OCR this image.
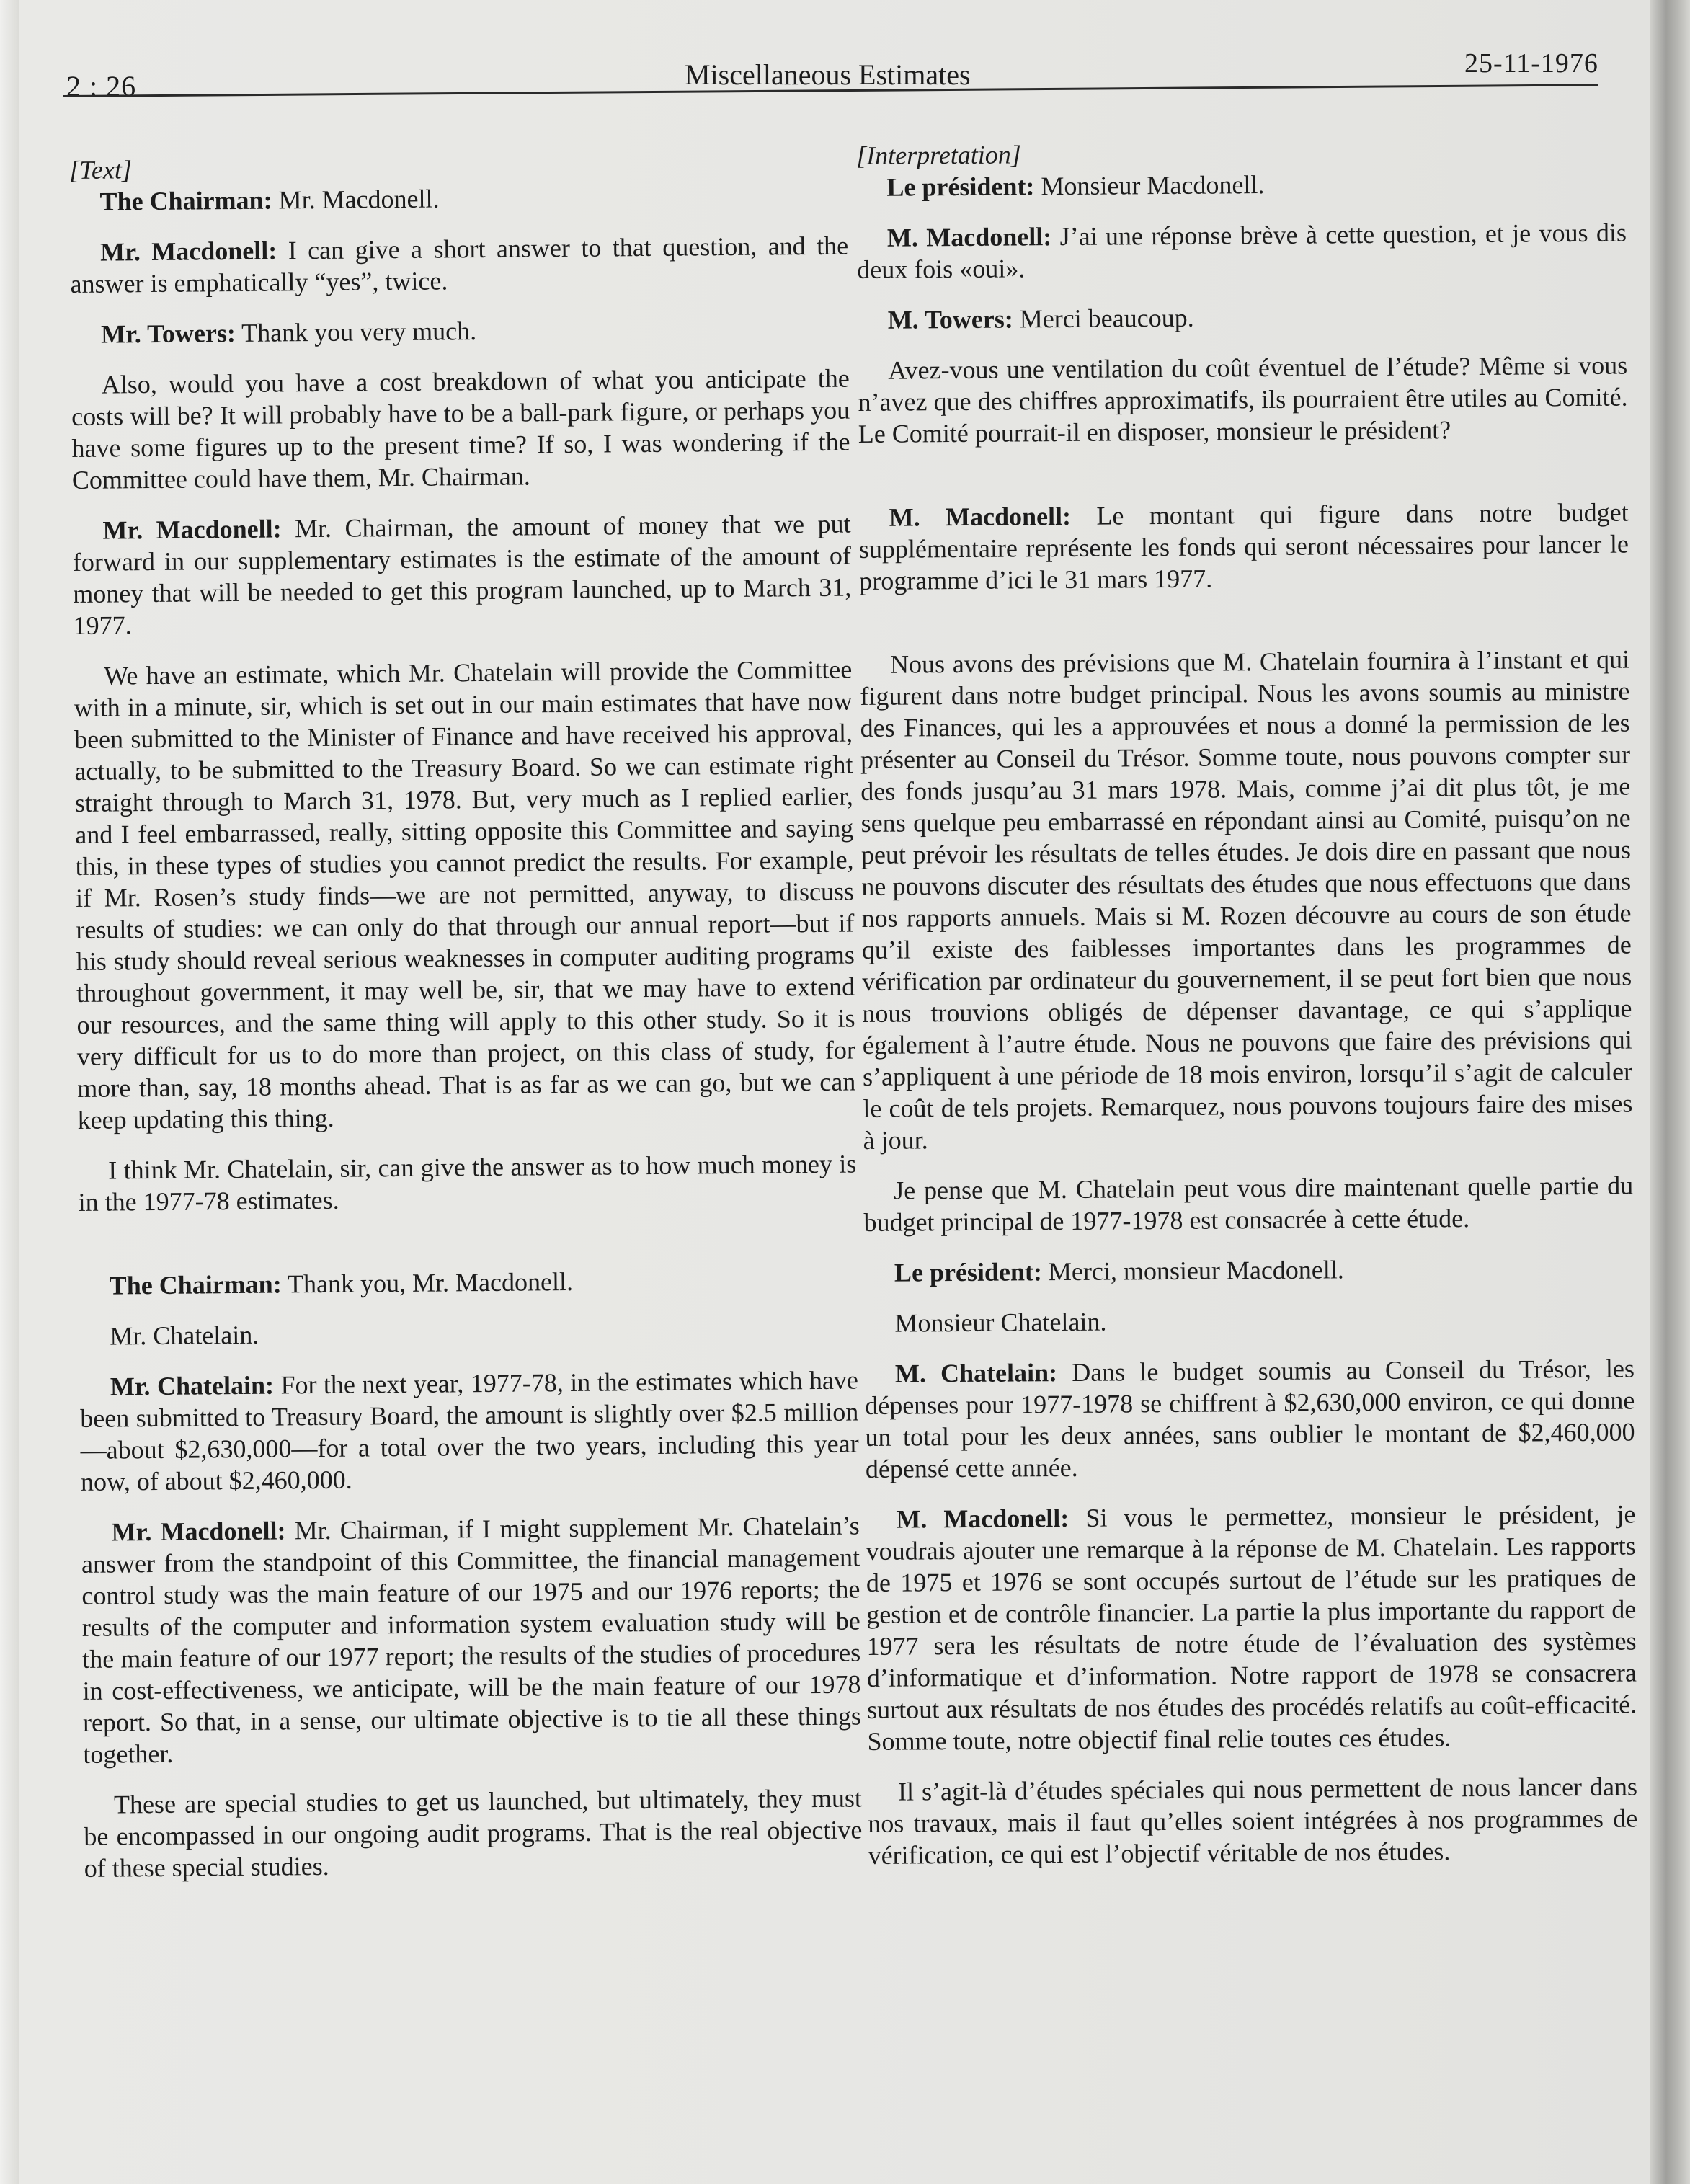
2 : 26	Miscellaneous Estimates	25-11-1976

[Text]

The Chairman: Mr. Macdonell.

Mr. Macdonell: I can give a short answer to that question, and the answer is emphatically “yes”, twice.

Mr. Towers: Thank you very much.

Also, would you have a cost breakdown of what you anticipate the costs will be? It will probably have to be a ball-park figure, or perhaps you have some figures up to the present time? If so, I was wondering if the Committee could have them, Mr. Chairman.

Mr. Macdonell: Mr. Chairman, the amount of money that we put forward in our supplementary estimates is the estimate of the amount of money that will be needed to get this program launched, up to March 31, 1977.

We have an estimate, which Mr. Chatelain will provide the Committee with in a minute, sir, which is set out in our main estimates that have now been submitted to the Minister of Finance and have received his approval, actually, to be submitted to the Treasury Board. So we can estimate right straight through to March 31, 1978. But, very much as I replied earlier, and I feel embarrassed, really, sitting opposite this Committee and saying this, in these types of studies you cannot predict the results. For example, if Mr. Rosen’s study finds—we are not permitted, anyway, to discuss results of studies: we can only do that through our annual report—but if his study should reveal serious weaknesses in computer auditing programs throughout government, it may well be, sir, that we may have to extend our resources, and the same thing will apply to this other study. So it is very difficult for us to do more than project, on this class of study, for more than, say, 18 months ahead. That is as far as we can go, but we can keep updating this thing.

I think Mr. Chatelain, sir, can give the answer as to how much money is in the 1977-78 estimates.

The Chairman: Thank you, Mr. Macdonell.

Mr. Chatelain.

Mr. Chatelain: For the next year, 1977-78, in the estimates which have been submitted to Treasury Board, the amount is slightly over $2.5 million—about $2,630,000—for a total over the two years, including this year now, of about $2,460,000.

Mr. Macdonell: Mr. Chairman, if I might supplement Mr. Chatelain’s answer from the standpoint of this Committee, the financial management control study was the main feature of our 1975 and our 1976 reports; the results of the computer and information system evaluation study will be the main feature of our 1977 report; the results of the studies of procedures in cost-effectiveness, we anticipate, will be the main feature of our 1978 report. So that, in a sense, our ultimate objective is to tie all these things together.

These are special studies to get us launched, but ultimately, they must be encompassed in our ongoing audit programs. That is the real objective of these special studies.

[Interpretation]

Le président: Monsieur Macdonell.

M. Macdonell: J’ai une réponse brève à cette question, et je vous dis deux fois «oui».

M. Towers: Merci beaucoup.

Avez-vous une ventilation du coût éventuel de l’étude? Même si vous n’avez que des chiffres approximatifs, ils pourraient être utiles au Comité. Le Comité pourrait-il en disposer, monsieur le président?

M. Macdonell: Le montant qui figure dans notre budget supplémentaire représente les fonds qui seront nécessaires pour lancer le programme d’ici le 31 mars 1977.

Nous avons des prévisions que M. Chatelain fournira à l’instant et qui figurent dans notre budget principal. Nous les avons soumis au ministre des Finances, qui les a approuvées et nous a donné la permission de les présenter au Conseil du Trésor. Somme toute, nous pouvons compter sur des fonds jusqu’au 31 mars 1978. Mais, comme j’ai dit plus tôt, je me sens quelque peu embarrassé en répondant ainsi au Comité, puisqu’on ne peut prévoir les résultats de telles études. Je dois dire en passant que nous ne pouvons discuter des résultats des études que nous effectuons que dans nos rapports annuels. Mais si M. Rozen découvre au cours de son étude qu’il existe des faiblesses importantes dans les programmes de vérification par ordinateur du gouvernement, il se peut fort bien que nous nous trouvions obligés de dépenser davantage, ce qui s’applique également à l’autre étude. Nous ne pouvons que faire des prévisions qui s’appliquent à une période de 18 mois environ, lorsqu’il s’agit de calculer le coût de tels projets. Remarquez, nous pouvons toujours faire des mises à jour.

Je pense que M. Chatelain peut vous dire maintenant quelle partie du budget principal de 1977-1978 est consacrée à cette étude.

Le président: Merci, monsieur Macdonell.

Monsieur Chatelain.

M. Chatelain: Dans le budget soumis au Conseil du Trésor, les dépenses pour 1977-1978 se chiffrent à $2,630,000 environ, ce qui donne un total pour les deux années, sans oublier le montant de $2,460,000 dépensé cette année.

M. Macdonell: Si vous le permettez, monsieur le président, je voudrais ajouter une remarque à la réponse de M. Chatelain. Les rapports de 1975 et 1976 se sont occupés surtout de l’étude sur les pratiques de gestion et de contrôle financier. La partie la plus importante du rapport de 1977 sera les résultats de notre étude de l’évaluation des systèmes d’informatique et d’information. Notre rapport de 1978 se consacrera surtout aux résultats de nos études des procédés relatifs au coût-efficacité. Somme toute, notre objectif final relie toutes ces études.

Il s’agit-là d’études spéciales qui nous permettent de nous lancer dans nos travaux, mais il faut qu’elles soient intégrées à nos programmes de vérification, ce qui est l’objectif véritable de nos études.
